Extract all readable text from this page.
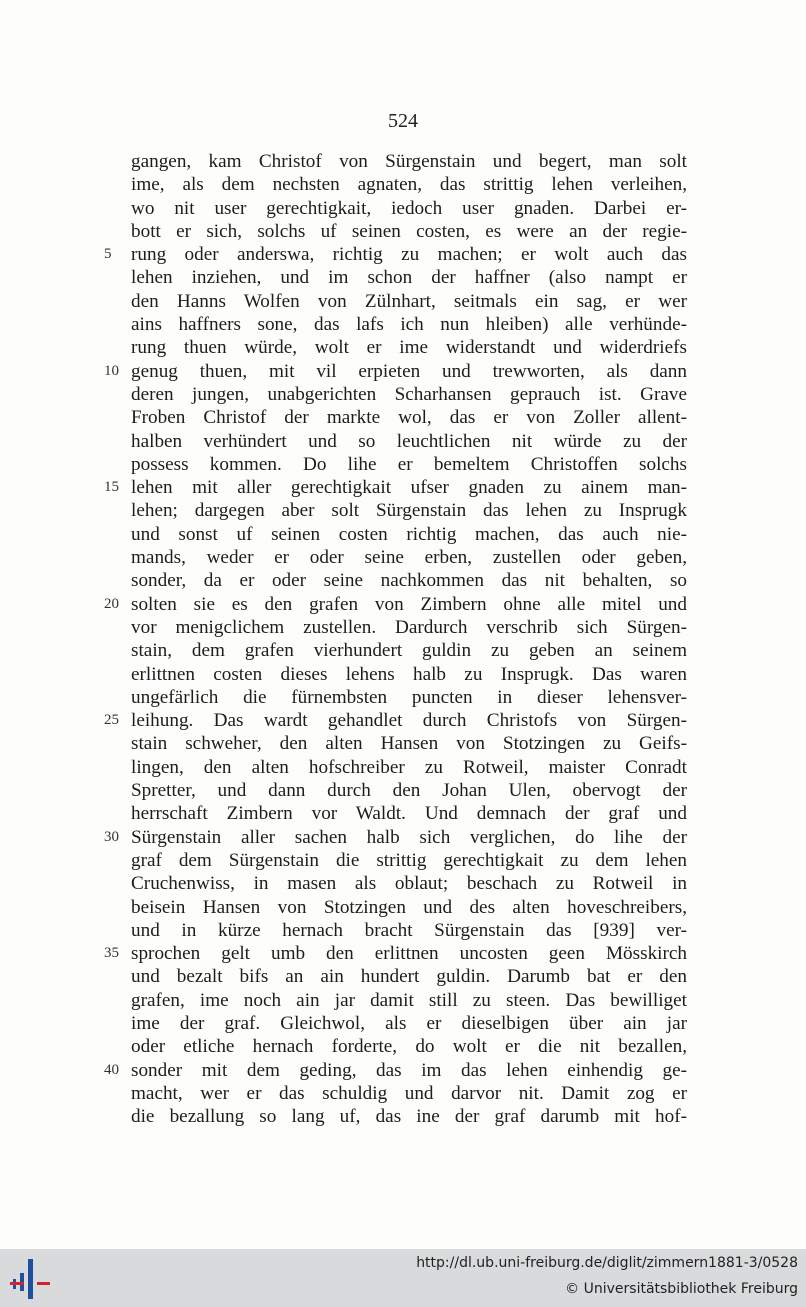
524
gangen, kam Christof von Sürgenstain und begert, man solt
ime, als dem nechsten agnaten, das strittig lehen verleihen,
wo nit user gerechtigkait, iedoch user gnaden. Darbei er-
bott er sich, solchs uf seinen costen, es were an der regie-
5	rung oder anderswa, richtig zu machen; er wolt auch das
lehen inziehen, und im schon der haffner (also nampt er
den Hanns Wolfen von Zülnhart, seitmals ein sag, er wer
ains haffners sone, das lafs ich nun hleiben) alle verhünde-
rung thuen würde, wolt er ime widerstandt und widerdriefs
10 genug thuen, mit vil erpieten und trewworten, als dann
deren jungen, unabgerichten Scharhansen geprauch ist. Grave
Froben Christof der markte wol, das er von Zoller allent-
halben verhündert und so leuchtlichen nit würde zu der
possess kommen. Do lihe er bemeltem Christoffen solchs
15 lehen mit aller gerechtigkait ufser gnaden zu ainem man-
lehen; dargegen aber solt Sürgenstain das lehen zu Insprugk
und sonst uf seinen costen richtig machen, das auch nie-
mands, weder er oder seine erben, zustellen oder geben,
sonder, da er oder seine nachkommen das nit behalten, so
20 solten sie es den grafen von Zimbern ohne alle mitel und
vor menigclichem zustellen. Dardurch verschrib sich Sürgen-
stain, dem grafen vierhundert guldin zu geben an seinem
erlittnen costen dieses lehens halb zu Insprugk. Das waren
ungefärlich die fürnembsten puncten in dieser lehensver-
25 leihung. Das wardt gehandlet durch Christofs von Sürgen-
stain schweher, den alten Hansen von Stotzingen zu Geifs-
lingen, den alten hofschreiber zu Rotweil, maister Conradt
Spretter, und dann durch den Johan Ulen, obervogt der
herrschaft Zimbern vor Waldt. Und demnach der graf und
30 Sürgenstain aller sachen halb sich verglichen, do lihe der
graf dem Sürgenstain die strittig gerechtigkait zu dem lehen
Cruchenwiss, in masen als oblaut; beschach zu Rotweil in
beisein Hansen von Stotzingen und des alten hoveschreibers,
und in kürze hernach bracht Sürgenstain das [939] ver-
35 sprochen gelt umb den erlittnen uncosten geen Mösskirch
und bezalt bifs an ain hundert guldin. Darumb bat er den
grafen, ime noch ain jar damit still zu steen. Das bewilliget
ime der graf. Gleichwol, als er dieselbigen über ain jar
oder etliche hernach forderte, do wolt er die nit bezallen,
40 sonder mit dem geding, das im das lehen einhendig ge-
macht, wer er das schuldig und darvor nit. Damit zog er
die bezallung so lang uf, das ine der graf darumb mit hof-
http://dl.ub.uni-freiburg.de/diglit/zimmern1881-3/0528
© Universitätsbibliothek Freiburg
